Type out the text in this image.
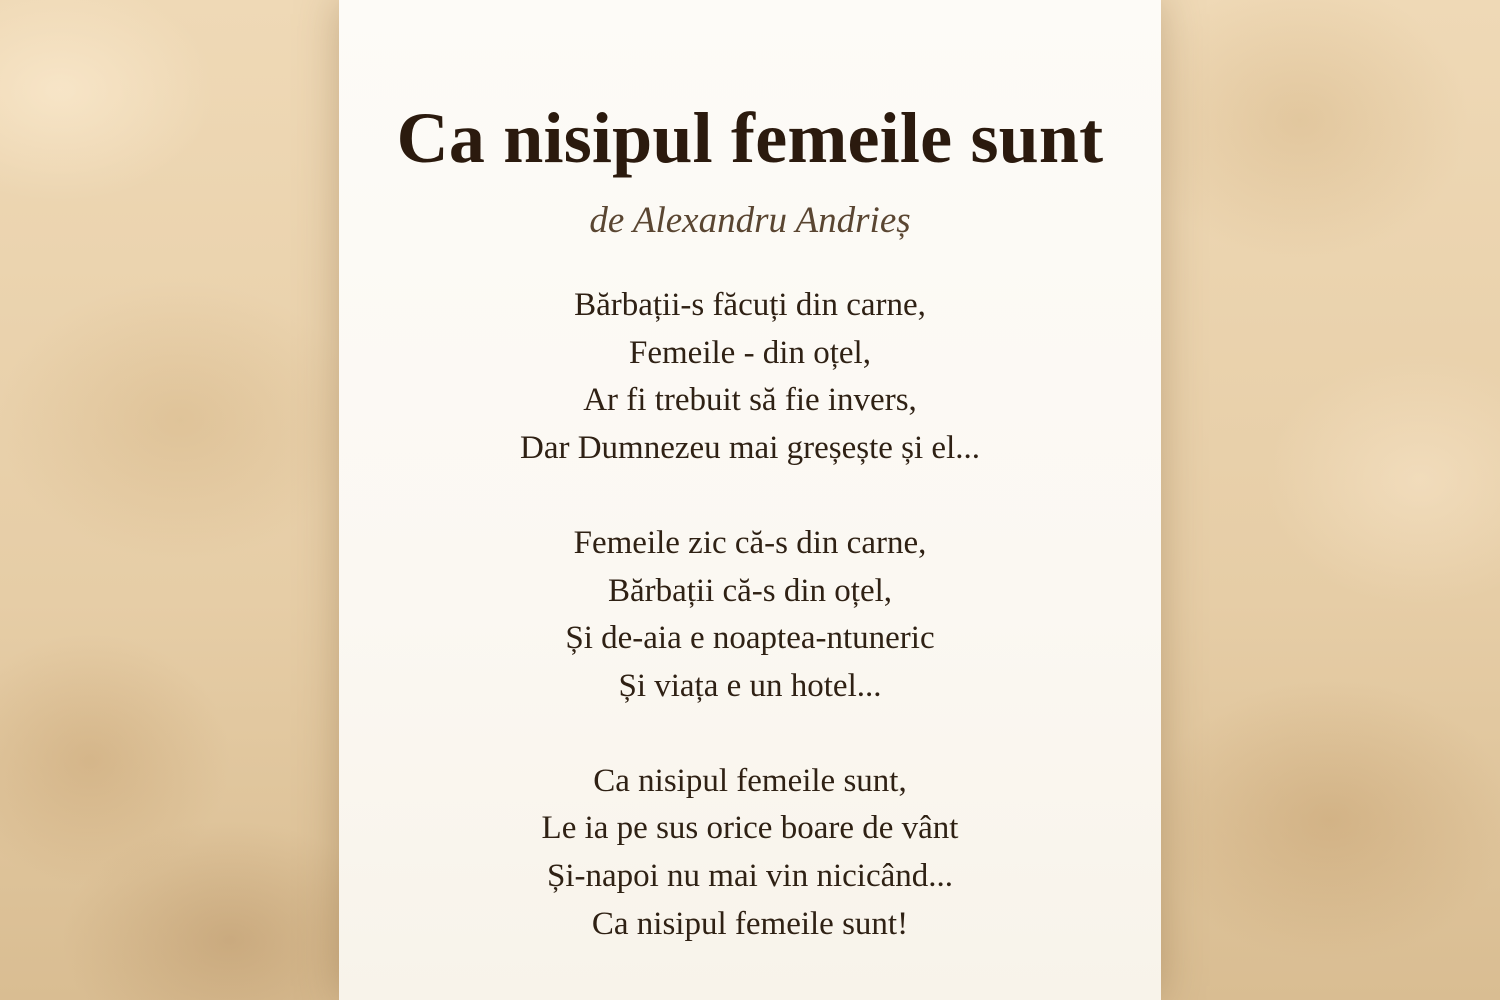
Ca nisipul femeile sunt
de Alexandru Andrieș
Bărbații-s făcuți din carne,
Femeile - din oțel,
Ar fi trebuit să fie invers,
Dar Dumnezeu mai greșește și el...
Femeile zic că-s din carne,
Bărbații că-s din oțel,
Și de-aia e noaptea-ntuneric
Și viața e un hotel...
Ca nisipul femeile sunt,
Le ia pe sus orice boare de vânt
Și-napoi nu mai vin nicicând...
Ca nisipul femeile sunt!
